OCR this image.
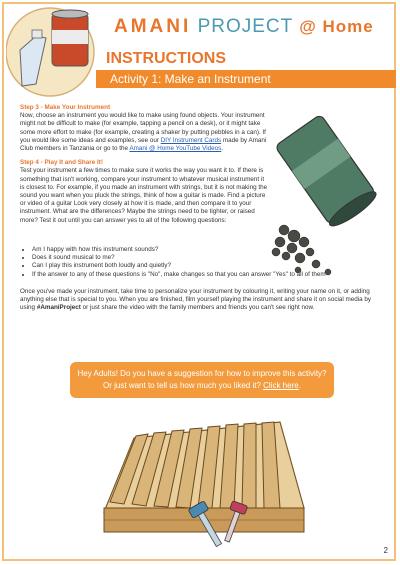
AMANI PROJECT @ Home
INSTRUCTIONS
Activity 1: Make an Instrument

Step 3 - Make Your Instrument

Now, choose an instrument you would like to make using found objects. Your instrument might not be difficult to make (for example, tapping a pencil on a desk), or it might take some more effort to make (for example, creating a shaker by putting pebbles in a can). If you would like some ideas and examples, see our DIY Instrument Cards made by Amani Club members in Tanzania or go to the Amani @ Home YouTube Videos.

Step 4 - Play It and Share It!

Test your instrument a few times to make sure it works the way you want it to. If there is something that isn't working, compare your instrument to whatever musical instrument it is closest to. For example, if you made an instrument with strings, but it is not making the sound you want when you pluck the strings, think of how a guitar is made. Find a picture or video of a guitar Look very closely at how it is made, and then compare it to your instrument. What are the differences? Maybe the strings need to be tighter, or raised more? Test it out until you can answer yes to all of the following questions:

• Am I happy with how this instrument sounds?
• Does it sound musical to me?
• Can I play this instrument both loudly and quietly?
• If the answer to any of these questions is "No", make changes so that you can answer "Yes" to all of them
Once you've made your instrument, take time to personalize your instrument by colouring it, writing your name on it, or adding anything else that is special to you. When you are finished, film yourself playing the instrument and share it on social media by using #AmaniProject or just share the video with the family members and friends you can't see right now.
Hey Adults! Do you have a suggestion for how to improve this activity?
Or just want to tell us how much you liked it? Click here.
2
